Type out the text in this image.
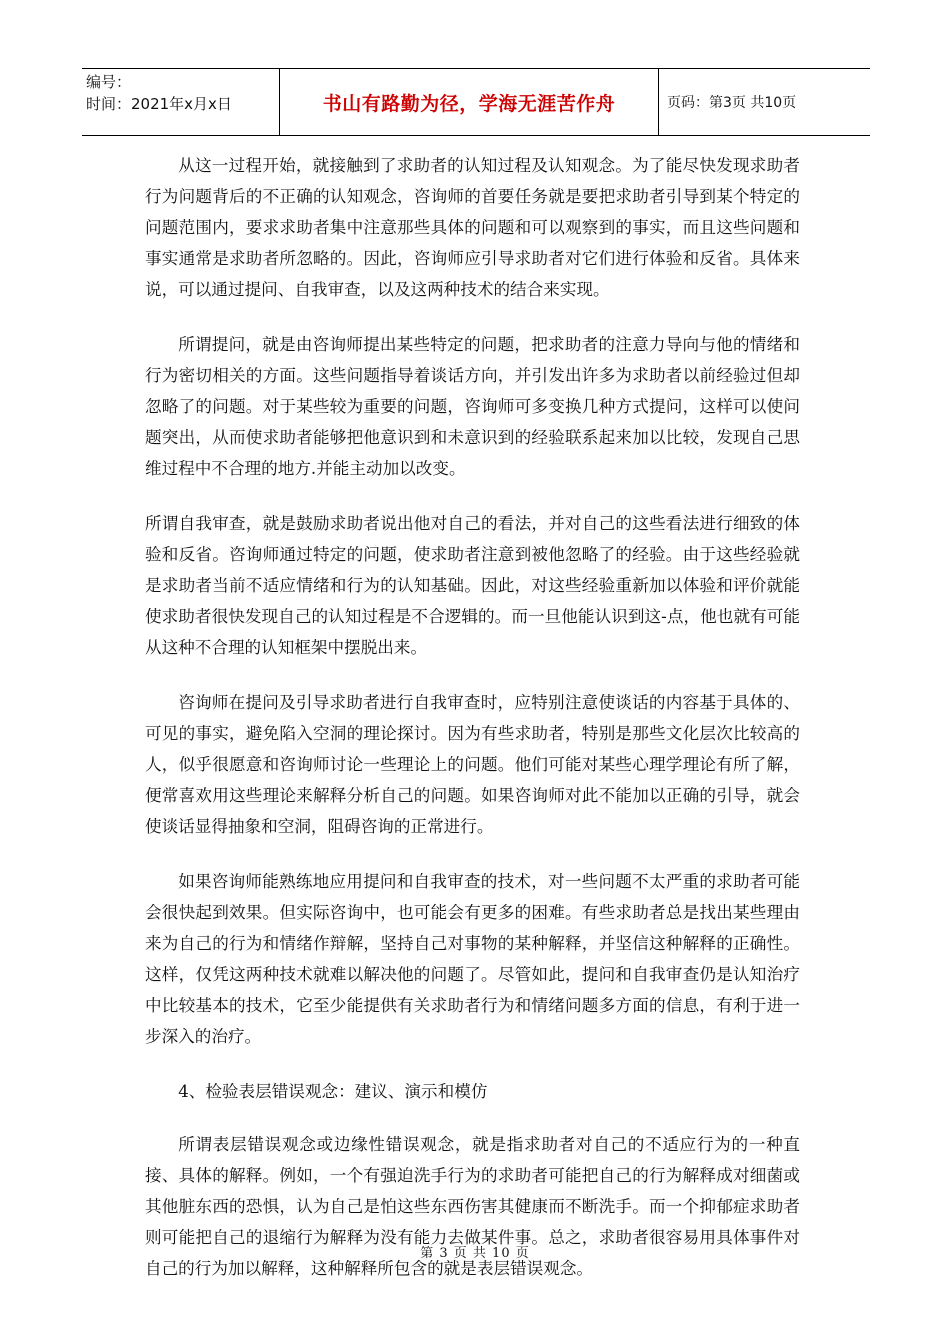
编号：
时间：2021年x月x日	书山有路勤为径，学海无涯苦作舟	页码：第3页 共10页

从这一过程开始，就接触到了求助者的认知过程及认知观念。为了能尽快发现求助者行为问题背后的不正确的认知观念，咨询师的首要任务就是要把求助者引导到某个特定的问题范围内，要求求助者集中注意那些具体的问题和可以观察到的事实，而且这些问题和事实通常是求助者所忽略的。因此，咨询师应引导求助者对它们进行体验和反省。具体来说，可以通过提问、自我审查，以及这两种技术的结合来实现。

所谓提问，就是由咨询师提出某些特定的问题，把求助者的注意力导向与他的情绪和行为密切相关的方面。这些问题指导着谈话方向，并引发出许多为求助者以前经验过但却忽略了的问题。对于某些较为重要的问题，咨询师可多变换几种方式提问，这样可以使问题突出，从而使求助者能够把他意识到和未意识到的经验联系起来加以比较，发现自己思维过程中不合理的地方.并能主动加以改变。

所谓自我审查，就是鼓励求助者说出他对自己的看法，并对自己的这些看法进行细致的体验和反省。咨询师通过特定的问题，使求助者注意到被他忽略了的经验。由于这些经验就是求助者当前不适应情绪和行为的认知基础。因此，对这些经验重新加以体验和评价就能使求助者很快发现自己的认知过程是不合逻辑的。而一旦他能认识到这-点，他也就有可能从这种不合理的认知框架中摆脱出来。

咨询师在提问及引导求助者进行自我审查时，应特别注意使谈话的内容基于具体的、可见的事实，避免陷入空洞的理论探讨。因为有些求助者，特别是那些文化层次比较高的人，似乎很愿意和咨询师讨论一些理论上的问题。他们可能对某些心理学理论有所了解，便常喜欢用这些理论来解释分析自己的问题。如果咨询师对此不能加以正确的引导，就会使谈话显得抽象和空洞，阻碍咨询的正常进行。

如果咨询师能熟练地应用提问和自我审查的技术，对一些问题不太严重的求助者可能会很快起到效果。但实际咨询中，也可能会有更多的困难。有些求助者总是找出某些理由来为自己的行为和情绪作辩解，坚持自己对事物的某种解释，并坚信这种解释的正确性。这样，仅凭这两种技术就难以解决他的问题了。尽管如此，提问和自我审查仍是认知治疗中比较基本的技术，它至少能提供有关求助者行为和情绪问题多方面的信息，有利于进一步深入的治疗。

4、检验表层错误观念：建议、演示和模仿

所谓表层错误观念或边缘性错误观念，就是指求助者对自己的不适应行为的一种直接、具体的解释。例如，一个有强迫洗手行为的求助者可能把自己的行为解释成对细菌或其他脏东西的恐惧，认为自己是怕这些东西伤害其健康而不断洗手。而一个抑郁症求助者则可能把自己的退缩行为解释为没有能力去做某件事。总之，求助者很容易用具体事件对自己的行为加以解释，这种解释所包含的就是表层错误观念。

第 3 页 共 10 页
